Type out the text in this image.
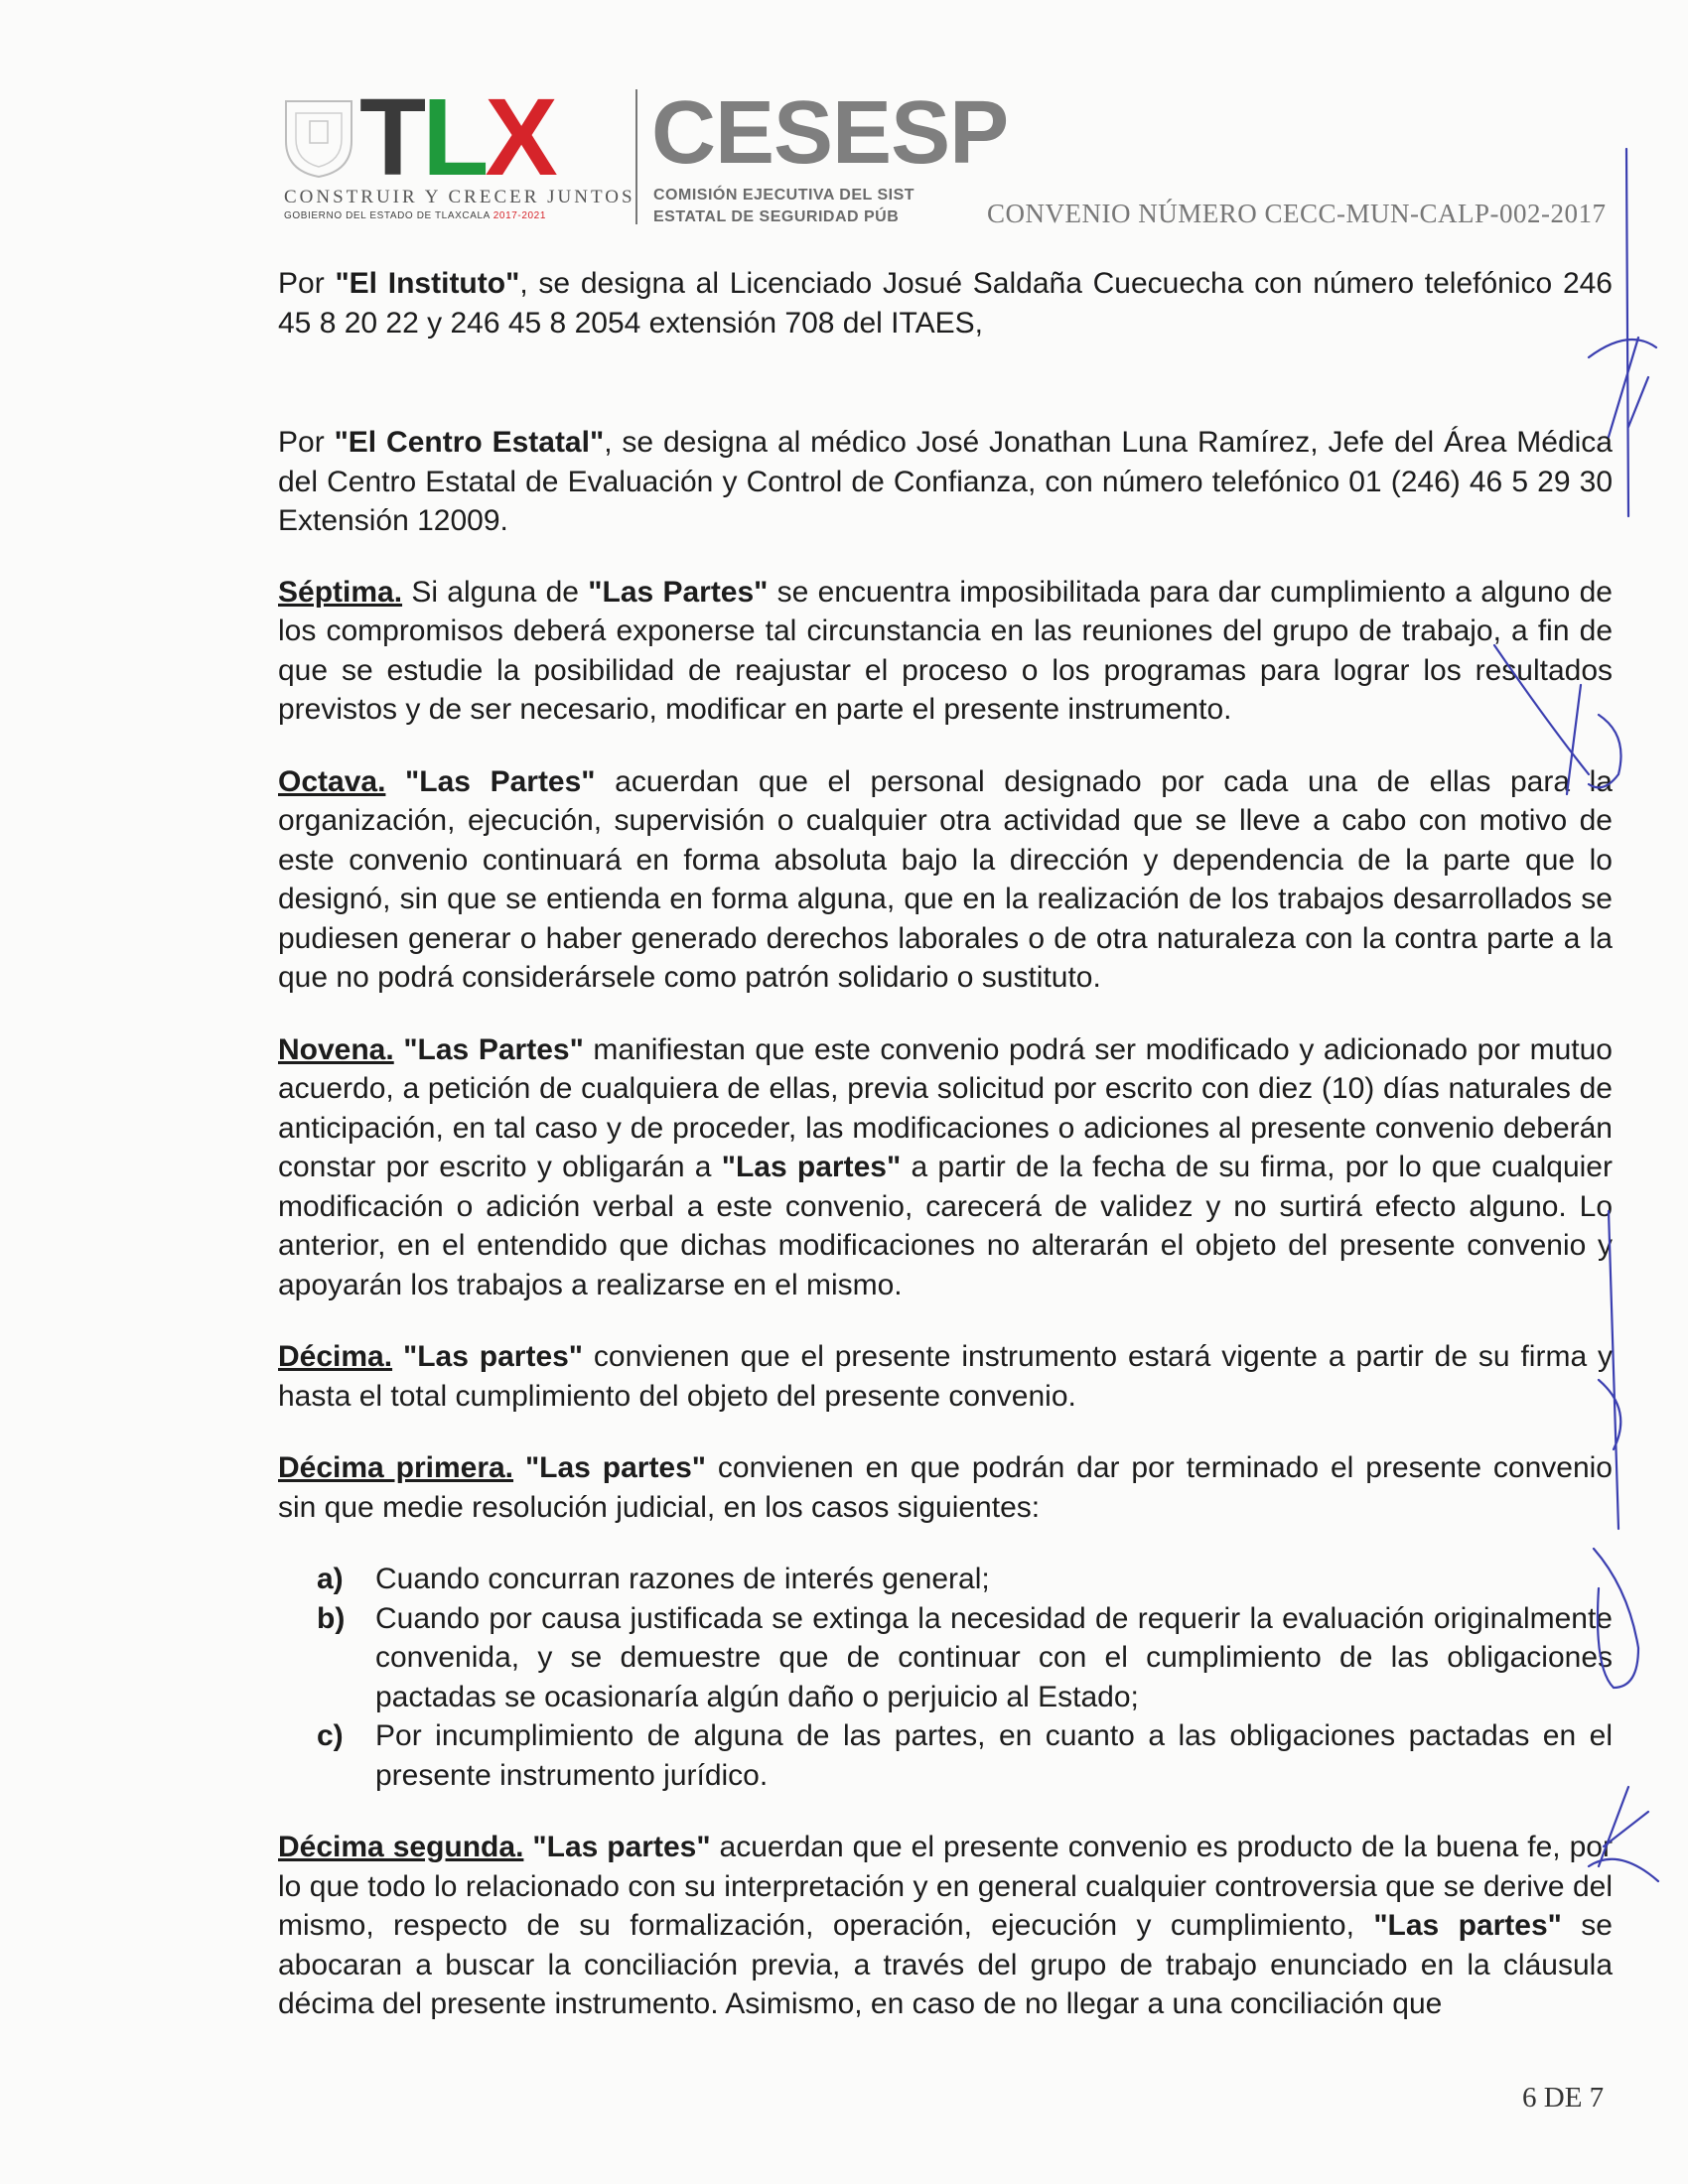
TLX
CONSTRUIR Y CRECER JUNTOS
GOBIERNO DEL ESTADO DE TLAXCALA 2017-2021
CESESP
COMISIÓN EJECUTIVA DEL SIST
ESTATAL DE SEGURIDAD PÚB	CONVENIO NÚMERO CECC-MUN-CALP-002-2017

Por "El Instituto", se designa al Licenciado Josué Saldaña Cuecuecha con número telefónico 246 45 8 20 22 y 246 45 8 2054 extensión 708 del ITAES,

Por "El Centro Estatal", se designa al médico José Jonathan Luna Ramírez, Jefe del Área Médica del Centro Estatal de Evaluación y Control de Confianza, con número telefónico 01 (246) 46 5 29 30 Extensión 12009.

Séptima. Si alguna de "Las Partes" se encuentra imposibilitada para dar cumplimiento a alguno de los compromisos deberá exponerse tal circunstancia en las reuniones del grupo de trabajo, a fin de que se estudie la posibilidad de reajustar el proceso o los programas para lograr los resultados previstos y de ser necesario, modificar en parte el presente instrumento.

Octava. "Las Partes" acuerdan que el personal designado por cada una de ellas para la organización, ejecución, supervisión o cualquier otra actividad que se lleve a cabo con motivo de este convenio continuará en forma absoluta bajo la dirección y dependencia de la parte que lo designó, sin que se entienda en forma alguna, que en la realización de los trabajos desarrollados se pudiesen generar o haber generado derechos laborales o de otra naturaleza con la contra parte a la que no podrá considerársele como patrón solidario o sustituto.

Novena. "Las Partes" manifiestan que este convenio podrá ser modificado y adicionado por mutuo acuerdo, a petición de cualquiera de ellas, previa solicitud por escrito con diez (10) días naturales de anticipación, en tal caso y de proceder, las modificaciones o adiciones al presente convenio deberán constar por escrito y obligarán a "Las partes" a partir de la fecha de su firma, por lo que cualquier modificación o adición verbal a este convenio, carecerá de validez y no surtirá efecto alguno. Lo anterior, en el entendido que dichas modificaciones no alterarán el objeto del presente convenio y apoyarán los trabajos a realizarse en el mismo.

Décima. "Las partes" convienen que el presente instrumento estará vigente a partir de su firma y hasta el total cumplimiento del objeto del presente convenio.

Décima primera. "Las partes" convienen en que podrán dar por terminado el presente convenio sin que medie resolución judicial, en los casos siguientes:

a)	Cuando concurran razones de interés general;
b)	Cuando por causa justificada se extinga la necesidad de requerir la evaluación originalmente convenida, y se demuestre que de continuar con el cumplimiento de las obligaciones pactadas se ocasionaría algún daño o perjuicio al Estado;
c)	Por incumplimiento de alguna de las partes, en cuanto a las obligaciones pactadas en el presente instrumento jurídico.

Décima segunda. "Las partes" acuerdan que el presente convenio es producto de la buena fe, por lo que todo lo relacionado con su interpretación y en general cualquier controversia que se derive del mismo, respecto de su formalización, operación, ejecución y cumplimiento, "Las partes" se abocaran a buscar la conciliación previa, a través del grupo de trabajo enunciado en la cláusula décima del presente instrumento. Asimismo, en caso de no llegar a una conciliación que

6 DE 7
